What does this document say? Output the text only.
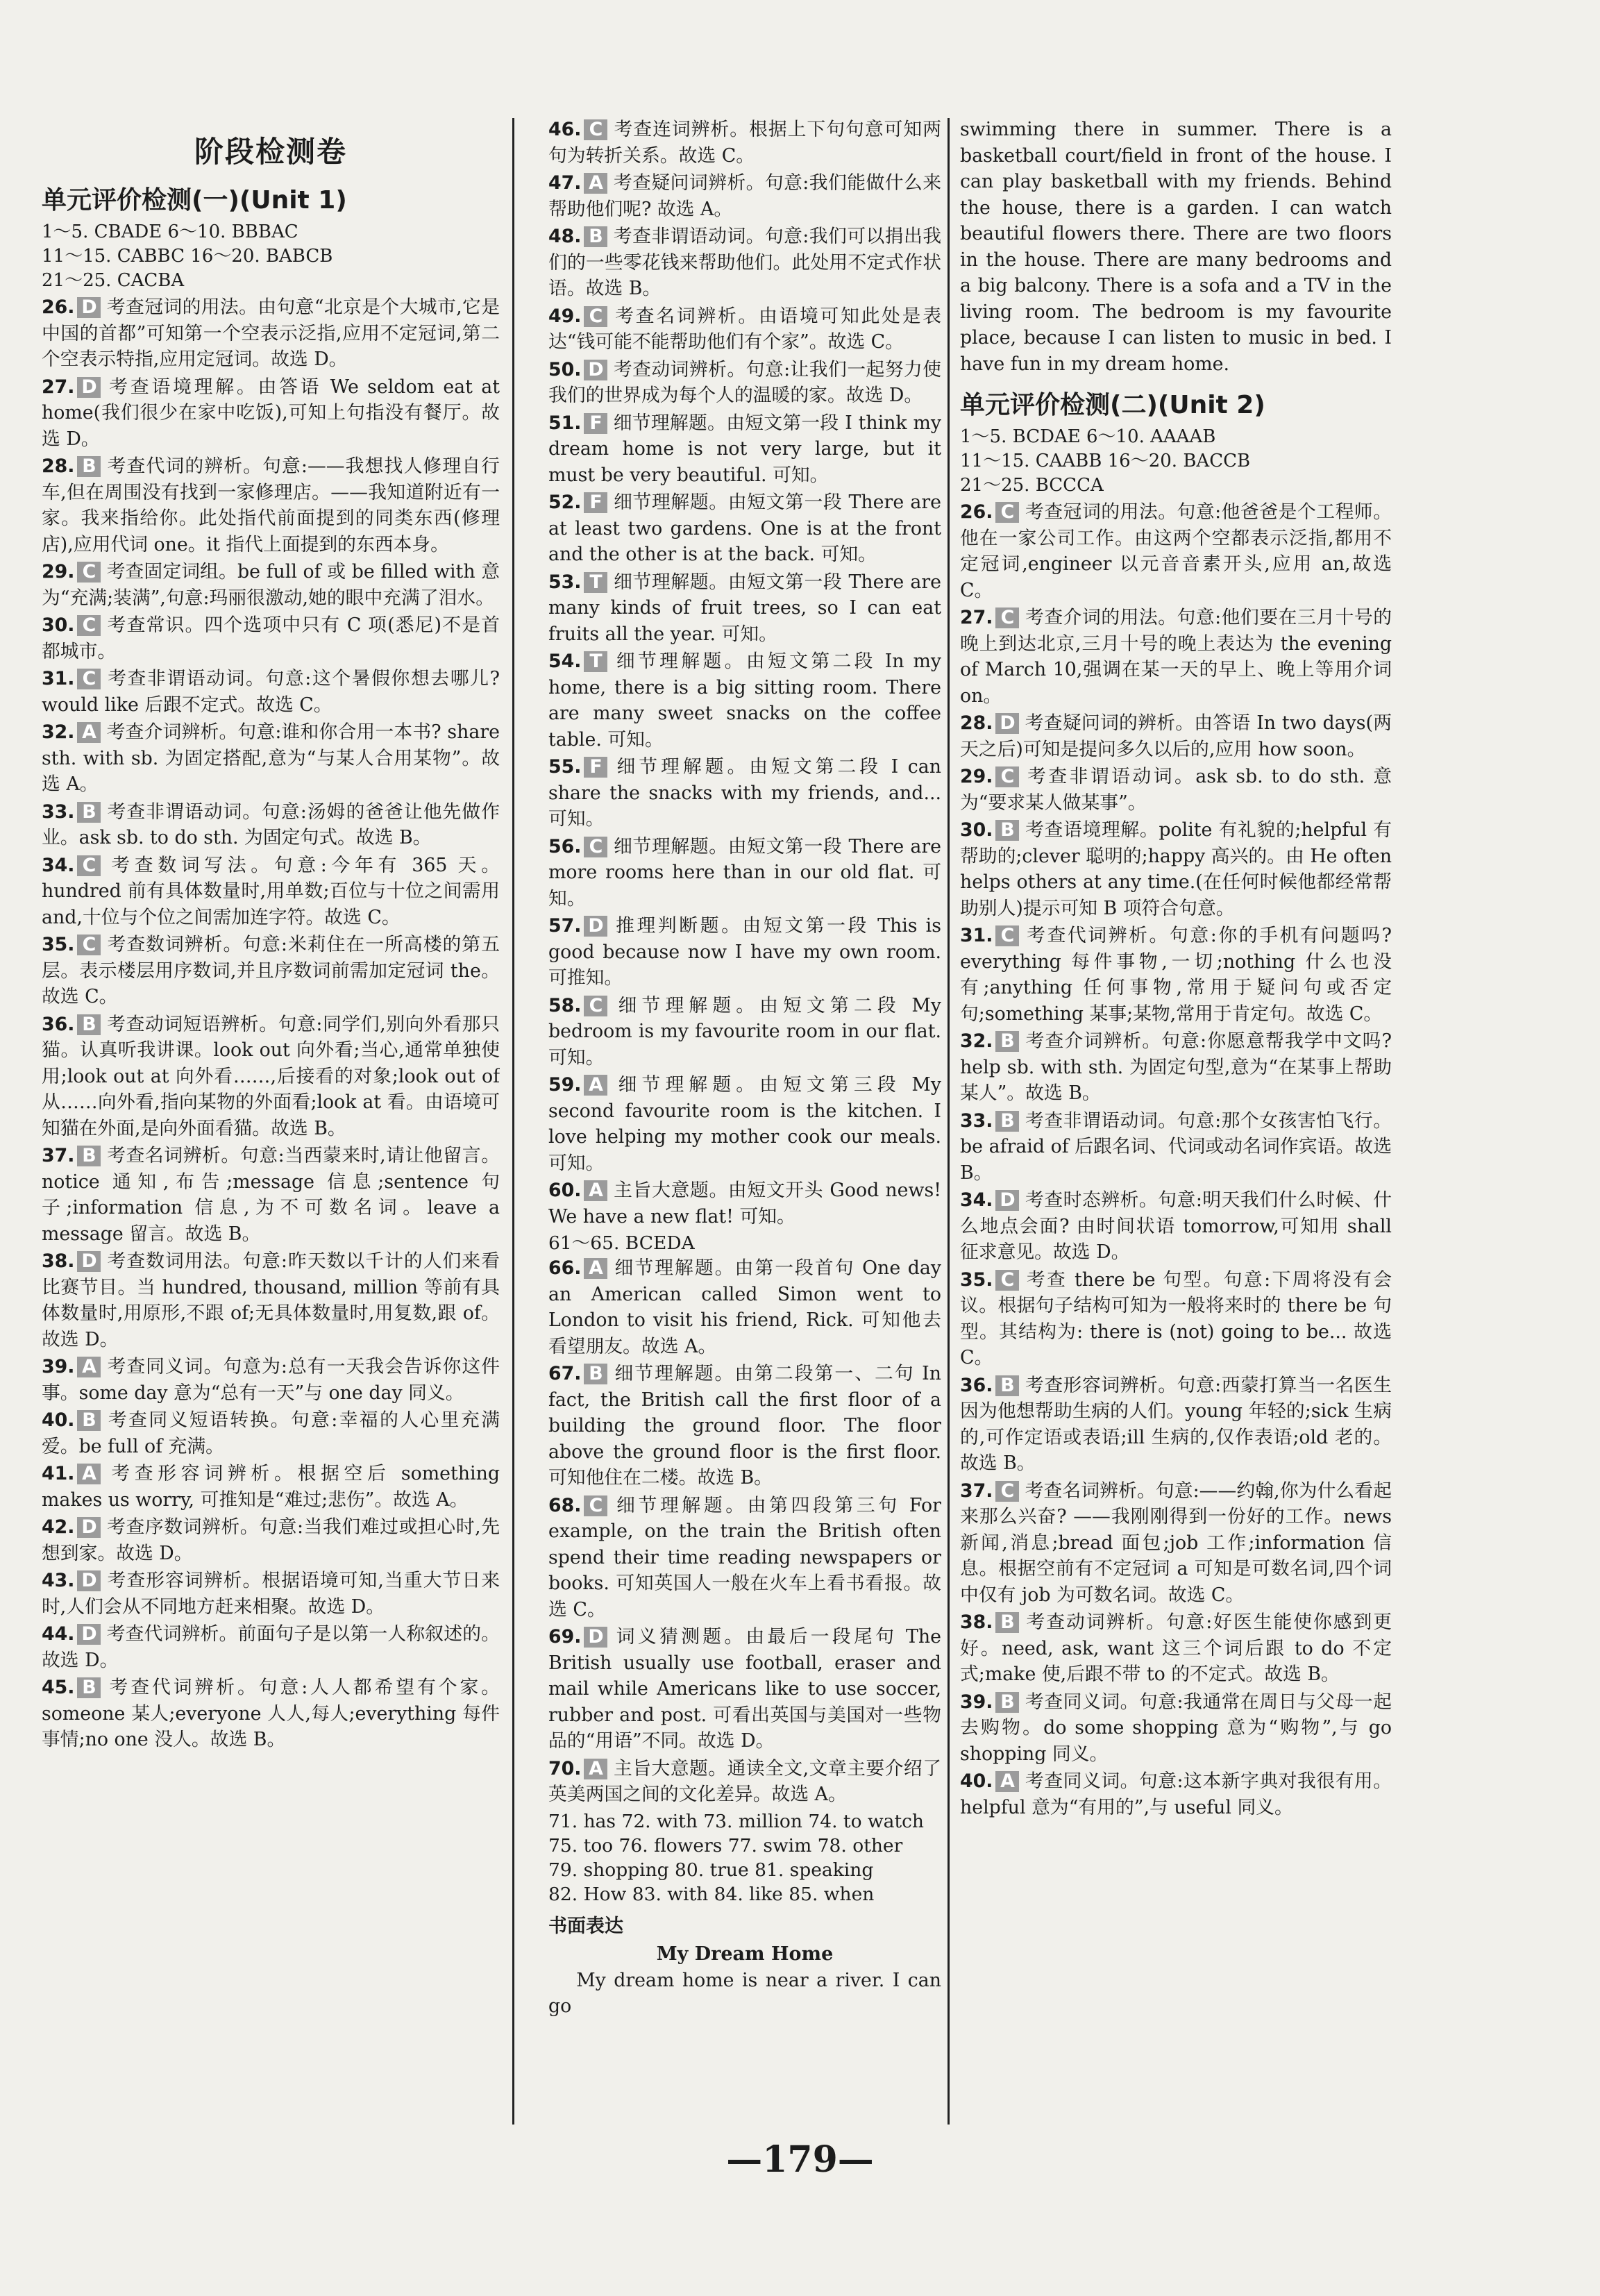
阶段检测卷
单元评价检测(一)(Unit 1)
1～5. CBADE 6～10. BBBAC
11～15. CABBC 16～20. BABCB
21～25. CACBA

26. D 考查冠词的用法。由句意“北京是个大城市,它是中国的首都”可知第一个空表示泛指,应用不定冠词,第二个空表示特指,应用定冠词。故选 D。

27. D 考查语境理解。由答语 We seldom eat at home(我们很少在家中吃饭),可知上句指没有餐厅。故选 D。

28. B 考查代词的辨析。句意:——我想找人修理自行车,但在周围没有找到一家修理店。——我知道附近有一家。我来指给你。此处指代前面提到的同类东西(修理店),应用代词 one。it 指代上面提到的东西本身。

29. C 考查固定词组。be full of 或 be filled with 意为“充满;装满”,句意:玛丽很激动,她的眼中充满了泪水。

30. C 考查常识。四个选项中只有 C 项(悉尼)不是首都城市。

31. C 考查非谓语动词。句意:这个暑假你想去哪儿? would like 后跟不定式。故选 C。

32. A 考查介词辨析。句意:谁和你合用一本书? share sth. with sb. 为固定搭配,意为“与某人合用某物”。故选 A。

33. B 考查非谓语动词。句意:汤姆的爸爸让他先做作业。ask sb. to do sth. 为固定句式。故选 B。

34. C 考查数词写法。句意:今年有 365 天。hundred 前有具体数量时,用单数;百位与十位之间需用 and,十位与个位之间需加连字符。故选 C。

35. C 考查数词辨析。句意:米莉住在一所高楼的第五层。表示楼层用序数词,并且序数词前需加定冠词 the。故选 C。

36. B 考查动词短语辨析。句意:同学们,别向外看那只猫。认真听我讲课。look out 向外看;当心,通常单独使用;look out at 向外看……,后接看的对象;look out of 从……向外看,指向某物的外面看;look at 看。由语境可知猫在外面,是向外面看猫。故选 B。

37. B 考查名词辨析。句意:当西蒙来时,请让他留言。notice 通知,布告;message 信息;sentence 句子;information 信息,为不可数名词。leave a message 留言。故选 B。

38. D 考查数词用法。句意:昨天数以千计的人们来看比赛节目。当 hundred, thousand, million 等前有具体数量时,用原形,不跟 of;无具体数量时,用复数,跟 of。故选 D。

39. A 考查同义词。句意为:总有一天我会告诉你这件事。some day 意为“总有一天”与 one day 同义。

40. B 考查同义短语转换。句意:幸福的人心里充满爱。be full of 充满。

41. A 考查形容词辨析。根据空后 something makes us worry, 可推知是“难过;悲伤”。故选 A。

42. D 考查序数词辨析。句意:当我们难过或担心时,先想到家。故选 D。

43. D 考查形容词辨析。根据语境可知,当重大节日来时,人们会从不同地方赶来相聚。故选 D。

44. D 考查代词辨析。前面句子是以第一人称叙述的。故选 D。

45. B 考查代词辨析。句意:人人都希望有个家。someone 某人;everyone 人人,每人;everything 每件事情;no one 没人。故选 B。

46. C 考查连词辨析。根据上下句句意可知两句为转折关系。故选 C。

47. A 考查疑问词辨析。句意:我们能做什么来帮助他们呢? 故选 A。

48. B 考查非谓语动词。句意:我们可以捐出我们的一些零花钱来帮助他们。此处用不定式作状语。故选 B。

49. C 考查名词辨析。由语境可知此处是表达“钱可能不能帮助他们有个家”。故选 C。

50. D 考查动词辨析。句意:让我们一起努力使我们的世界成为每个人的温暖的家。故选 D。

51. F 细节理解题。由短文第一段 I think my dream home is not very large, but it must be very beautiful. 可知。

52. F 细节理解题。由短文第一段 There are at least two gardens. One is at the front and the other is at the back. 可知。

53. T 细节理解题。由短文第一段 There are many kinds of fruit trees, so I can eat fruits all the year. 可知。

54. T 细节理解题。由短文第二段 In my home, there is a big sitting room. There are many sweet snacks on the coffee table. 可知。

55. F 细节理解题。由短文第二段 I can share the snacks with my friends, and... 可知。

56. C 细节理解题。由短文第一段 There are more rooms here than in our old flat. 可知。

57. D 推理判断题。由短文第一段 This is good because now I have my own room. 可推知。

58. C 细节理解题。由短文第二段 My bedroom is my favourite room in our flat. 可知。

59. A 细节理解题。由短文第三段 My second favourite room is the kitchen. I love helping my mother cook our meals. 可知。

60. A 主旨大意题。由短文开头 Good news! We have a new flat! 可知。

61～65. BCEDA

66. A 细节理解题。由第一段首句 One day an American called Simon went to London to visit his friend, Rick. 可知他去看望朋友。故选 A。

67. B 细节理解题。由第二段第一、二句 In fact, the British call the first floor of a building the ground floor. The floor above the ground floor is the first floor. 可知他住在二楼。故选 B。

68. C 细节理解题。由第四段第三句 For example, on the train the British often spend their time reading newspapers or books. 可知英国人一般在火车上看书看报。故选 C。

69. D 词义猜测题。由最后一段尾句 The British usually use football, eraser and mail while Americans like to use soccer, rubber and post. 可看出英国与美国对一些物品的“用语”不同。故选 D。

70. A 主旨大意题。通读全文,文章主要介绍了英美两国之间的文化差异。故选 A。

71. has 72. with 73. million 74. to watch
75. too 76. flowers 77. swim 78. other
79. shopping 80. true 81. speaking
82. How 83. with 84. like 85. when
书面表达
My Dream Home

My dream home is near a river. I can go

swimming there in summer. There is a basketball court/field in front of the house. I can play basketball with my friends. Behind the house, there is a garden. I can watch beautiful flowers there. There are two floors in the house. There are many bedrooms and a big balcony. There is a sofa and a TV in the living room. The bedroom is my favourite place, because I can listen to music in bed. I have fun in my dream home.

单元评价检测(二)(Unit 2)
1～5. BCDAE 6～10. AAAAB
11～15. CAABB 16～20. BACCB
21～25. BCCCA

26. C 考查冠词的用法。句意:他爸爸是个工程师。他在一家公司工作。由这两个空都表示泛指,都用不定冠词,engineer 以元音音素开头,应用 an,故选 C。

27. C 考查介词的用法。句意:他们要在三月十号的晚上到达北京,三月十号的晚上表达为 the evening of March 10,强调在某一天的早上、晚上等用介词 on。

28. D 考查疑问词的辨析。由答语 In two days(两天之后)可知是提问多久以后的,应用 how soon。

29. C 考查非谓语动词。ask sb. to do sth. 意为“要求某人做某事”。

30. B 考查语境理解。polite 有礼貌的;helpful 有帮助的;clever 聪明的;happy 高兴的。由 He often helps others at any time.(在任何时候他都经常帮助别人)提示可知 B 项符合句意。

31. C 考查代词辨析。句意:你的手机有问题吗? everything 每件事物,一切;nothing 什么也没有;anything 任何事物,常用于疑问句或否定句;something 某事;某物,常用于肯定句。故选 C。

32. B 考查介词辨析。句意:你愿意帮我学中文吗? help sb. with sth. 为固定句型,意为“在某事上帮助某人”。故选 B。

33. B 考查非谓语动词。句意:那个女孩害怕飞行。be afraid of 后跟名词、代词或动名词作宾语。故选 B。

34. D 考查时态辨析。句意:明天我们什么时候、什么地点会面? 由时间状语 tomorrow,可知用 shall 征求意见。故选 D。

35. C 考查 there be 句型。句意:下周将没有会议。根据句子结构可知为一般将来时的 there be 句型。其结构为: there is (not) going to be... 故选 C。

36. B 考查形容词辨析。句意:西蒙打算当一名医生因为他想帮助生病的人们。young 年轻的;sick 生病的,可作定语或表语;ill 生病的,仅作表语;old 老的。故选 B。

37. C 考查名词辨析。句意:——约翰,你为什么看起来那么兴奋? ——我刚刚得到一份好的工作。news 新闻,消息;bread 面包;job 工作;information 信息。根据空前有不定冠词 a 可知是可数名词,四个词中仅有 job 为可数名词。故选 C。

38. B 考查动词辨析。句意:好医生能使你感到更好。need, ask, want 这三个词后跟 to do 不定式;make 使,后跟不带 to 的不定式。故选 B。

39. B 考查同义词。句意:我通常在周日与父母一起去购物。do some shopping 意为“购物”,与 go shopping 同义。

40. A 考查同义词。句意:这本新字典对我很有用。helpful 意为“有用的”,与 useful 同义。

—179—
